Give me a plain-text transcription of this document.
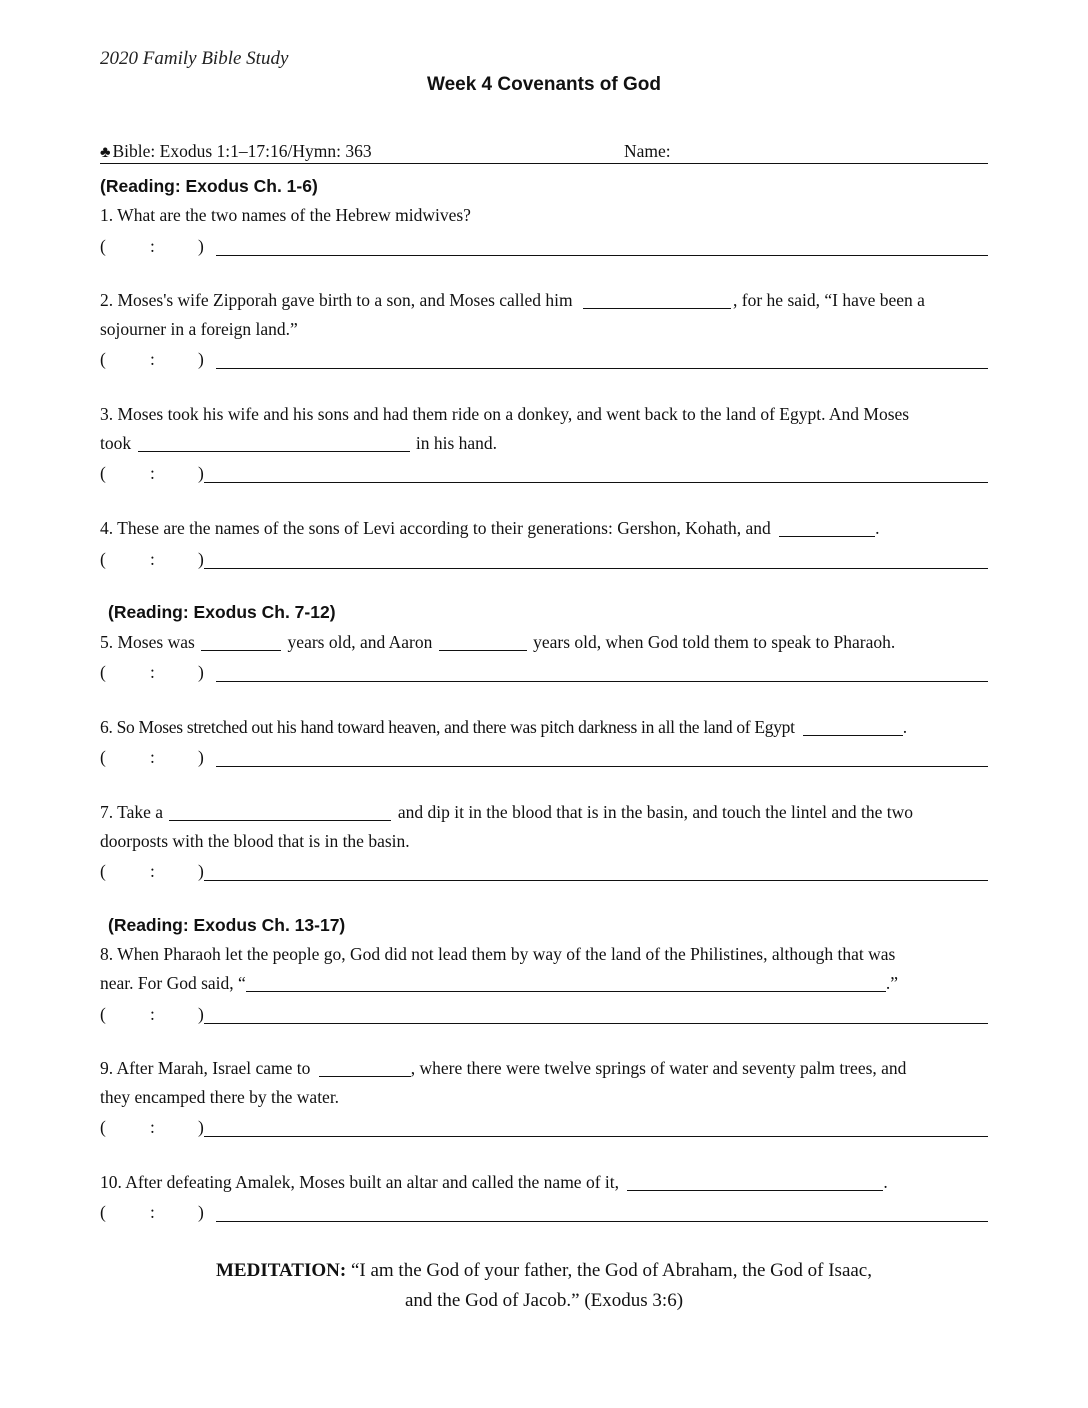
2020 Family Bible Study
Week 4 Covenants of God
♣ Bible: Exodus 1:1–17:16/Hymn: 363	Name:
(Reading: Exodus Ch. 1-6)
1. What are the two names of the Hebrew midwives?
(	: )
2. Moses's wife Zipporah gave birth to a son, and Moses called him	, for he said, “I have been a
sojourner in a foreign land.”
(	: )
3. Moses took his wife and his sons and had them ride on a donkey, and went back to the land of Egypt. And Moses
took	in his hand.
(	: )
4. These are the names of the sons of Levi according to their generations: Gershon, Kohath, and	.
(	: )
(Reading: Exodus Ch. 7-12)
5. Moses was	years old, and Aaron	years old, when God told them to speak to Pharaoh.
(	: )
6. So Moses stretched out his hand toward heaven, and there was pitch darkness in all the land of Egypt	.
(	: )
7. Take a	and dip it in the blood that is in the basin, and touch the lintel and the two
doorposts with the blood that is in the basin.
(	: )
(Reading: Exodus Ch. 13-17)
8. When Pharaoh let the people go, God did not lead them by way of the land of the Philistines, although that was
near. For God said, “	.”
(	: )
9. After Marah, Israel came to	, where there were twelve springs of water and seventy palm trees, and
they encamped there by the water.
(	: )
10. After defeating Amalek, Moses built an altar and called the name of it,	.
(	: )
MEDITATION: “I am the God of your father, the God of Abraham, the God of Isaac,
and the God of Jacob.” (Exodus 3:6)
